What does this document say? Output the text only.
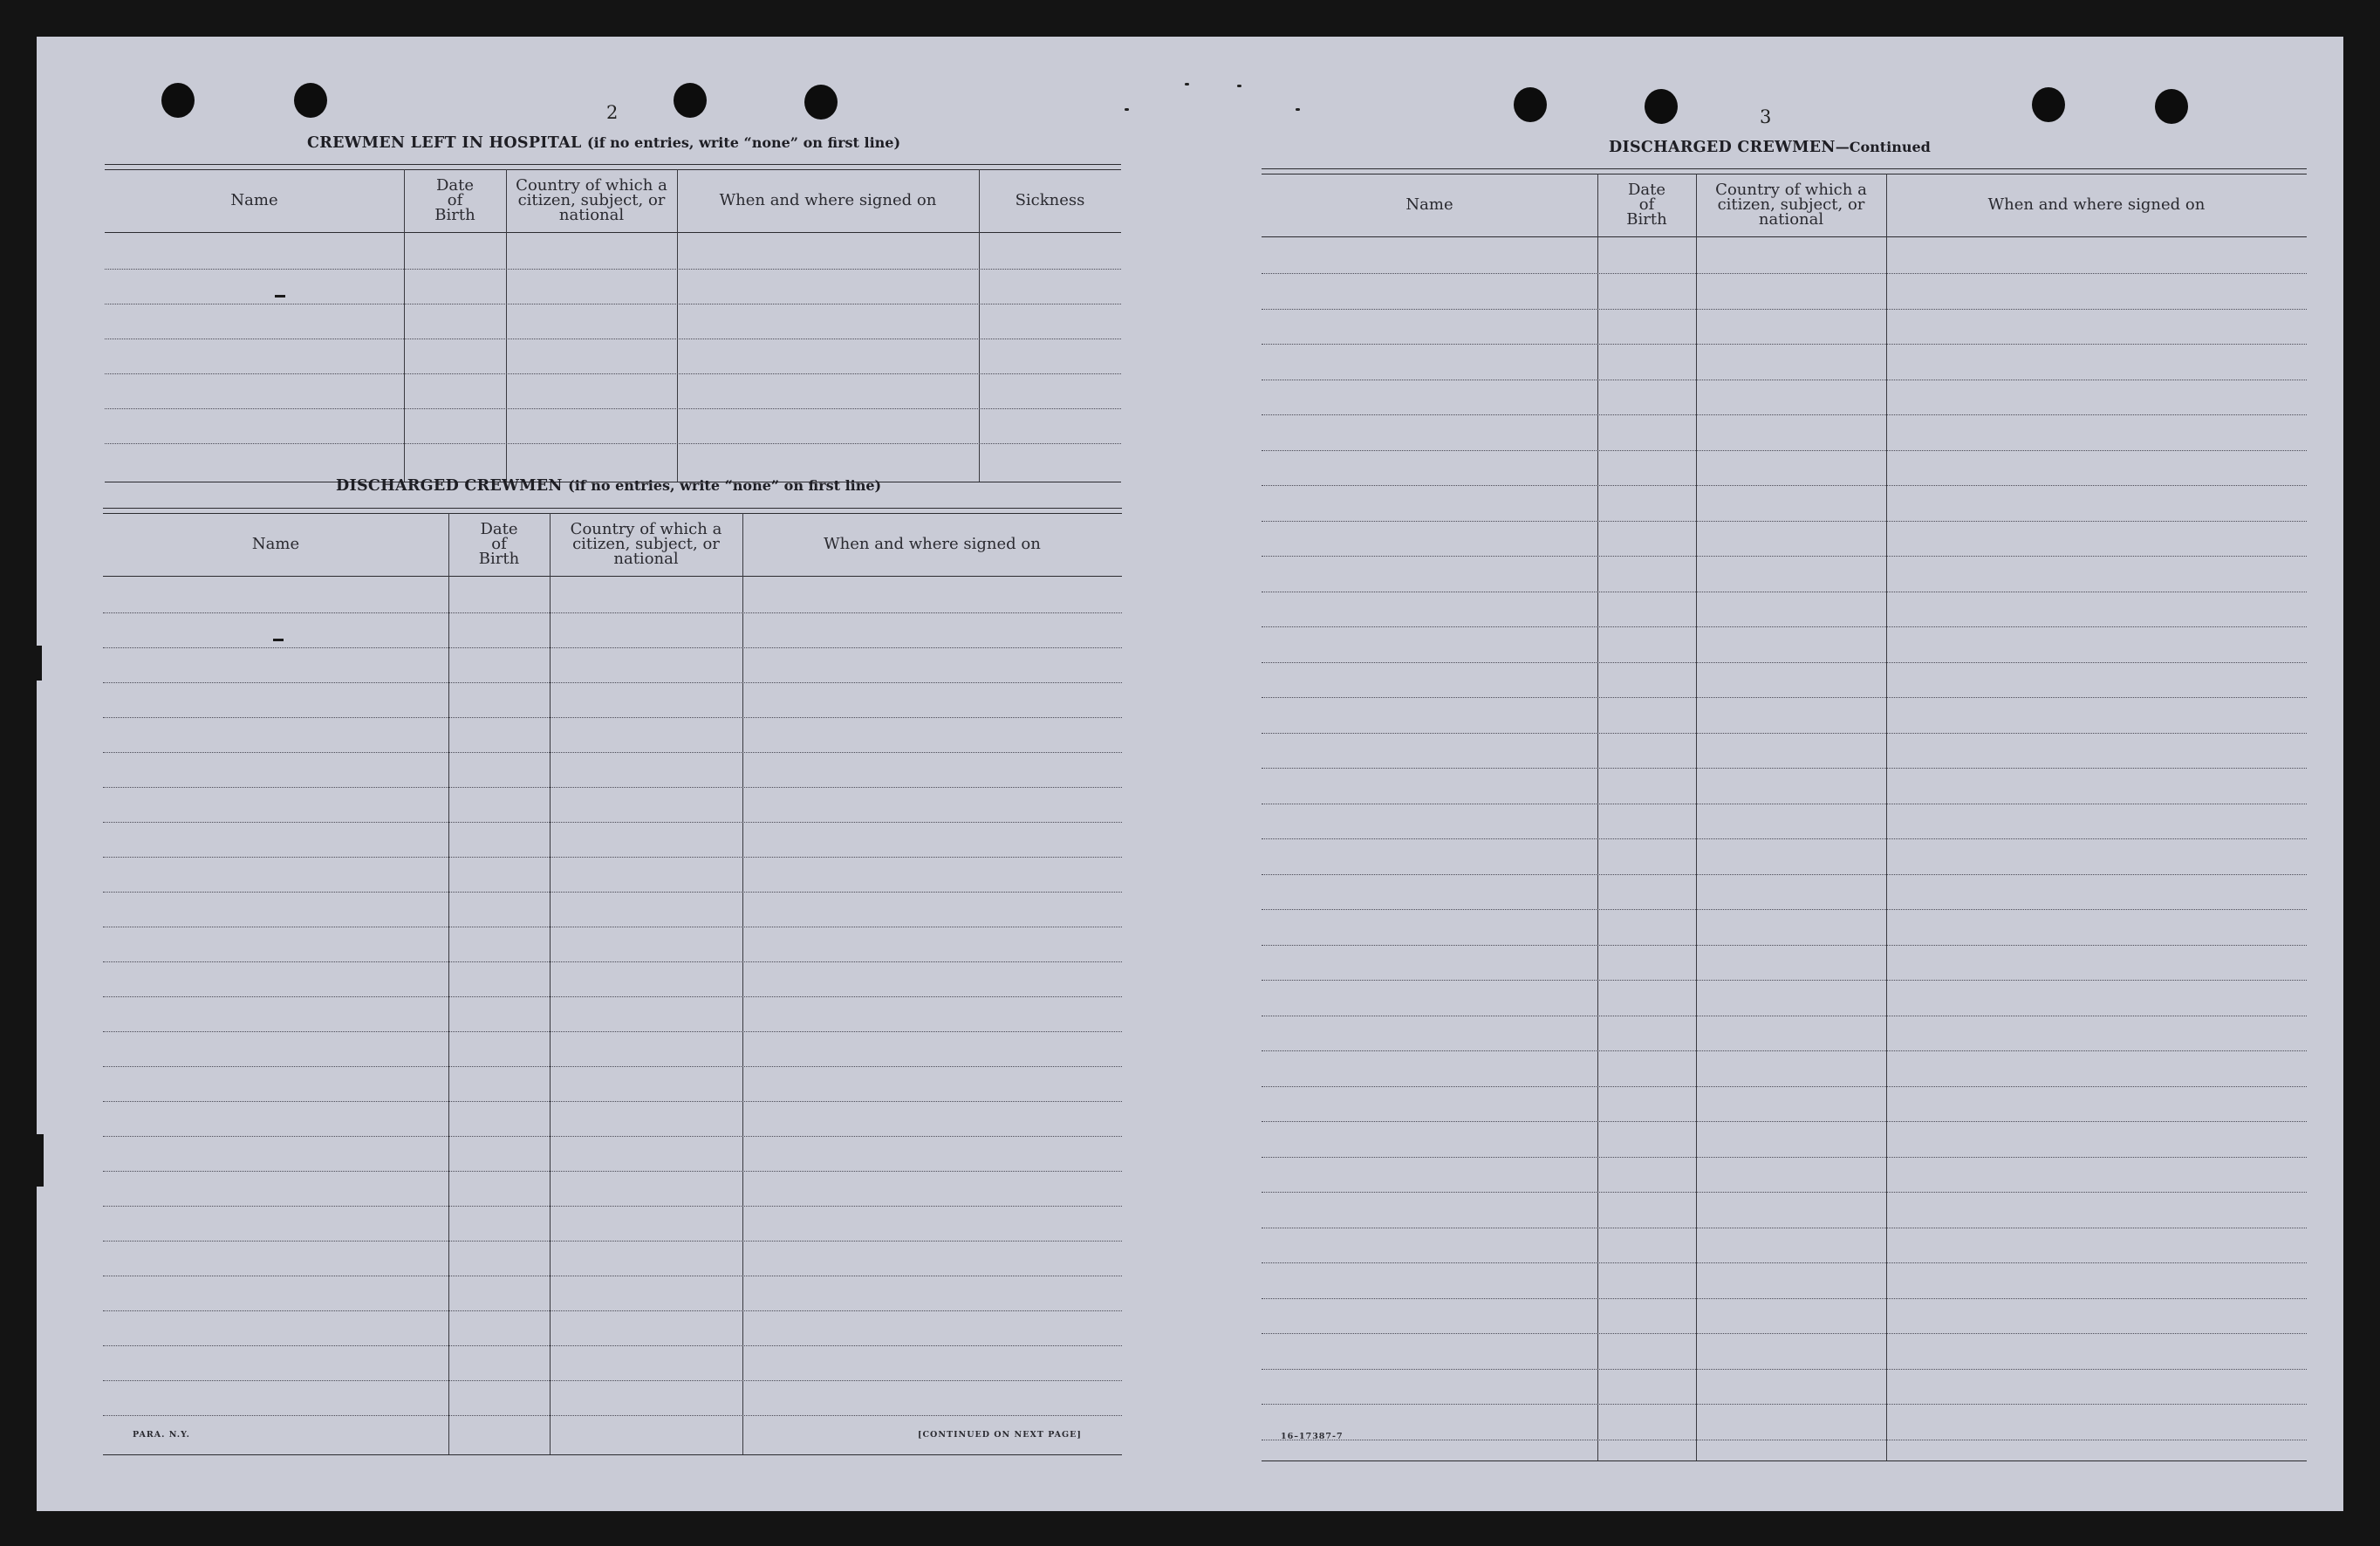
2
CREWMEN LEFT IN HOSPITAL (if no entries, write “none” on first line)
Name
Date
of
Birth
Country of which a
citizen, subject, or
national
When and where signed on	Sickness
DISCHARGED CREWMEN (if no entries, write “none” on first line)
Name
Date
of
Birth
Country of which a
citizen, subject, or
national
When and where signed on
PARA. N.Y.	[CONTINUED ON NEXT PAGE]
3
DISCHARGED CREWMEN—Continued
Name
Date
of
Birth
Country of which a
citizen, subject, or
national
When and where signed on
16–17387-7
